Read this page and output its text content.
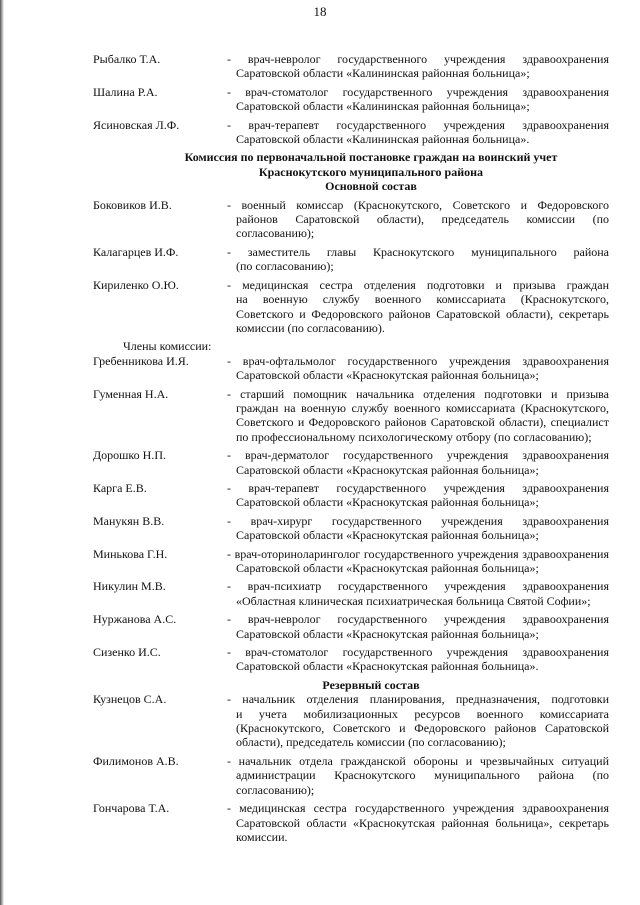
18
Рыбалко Т.А.	- врач-невролог государственного учреждения здравоохранения
Саратовской области «Калининская районная больница»;
Шалина Р.А.	- врач-стоматолог государственного учреждения здравоохранения
Саратовской области «Калининская районная больница»;
Ясиновская Л.Ф.	- врач-терапевт государственного учреждения здравоохранения
Саратовской области «Калининская районная больница».
Комиссия по первоначальной постановке граждан на воинский учет
Краснокутского муниципального района
Основной состав
Боковиков И.В.	- военный комиссар (Краснокутского, Советского и Федоровского
районов Саратовской области), председатель комиссии (по согласованию);
Калагарцев И.Ф.	- заместитель главы Краснокутского муниципального района
(по согласованию);
Кириленко О.Ю.	- медицинская сестра отделения подготовки и призыва граждан
на военную службу военного комиссариата (Краснокутского, Советского и Федоровского районов Саратовской области), секретарь комиссии (по согласованию).
Члены комиссии:
Гребенникова И.Я.	- врач-офтальмолог государственного учреждения здравоохранения
Саратовской области «Краснокутская районная больница»;
Гуменная Н.А.	- старший помощник начальника отделения подготовки и призыва
граждан на военную службу военного комиссариата (Краснокутского, Советского и Федоровского районов Саратовской области), специалист по профессиональному психологическому отбору (по согласованию);
Дорошко Н.П.	- врач-дерматолог государственного учреждения здравоохранения
Саратовской области «Краснокутская районная больница»;
Карга Е.В.	- врач-терапевт государственного учреждения здравоохранения
Саратовской области «Краснокутская районная больница»;
Манукян В.В.	- врач-хирург государственного учреждения здравоохранения
Саратовской области «Краснокутская районная больница»;
Минькова Г.Н.	- врач-оториноларинголог государственного учреждения здравоохранения
Саратовской области «Краснокутская районная больница»;
Никулин М.В.	- врач-психиатр государственного учреждения здравоохранения
«Областная клиническая психиатрическая больница Святой Софии»;
Нуржанова А.С.	- врач-невролог государственного учреждения здравоохранения
Саратовской области «Краснокутская районная больница»;
Сизенко И.С.	- врач-стоматолог государственного учреждения здравоохранения
Саратовской области «Краснокутская районная больница».
Резервный состав
Кузнецов С.А.	- начальник отделения планирования, предназначения, подготовки
и учета мобилизационных ресурсов военного комиссариата (Краснокутского, Советского и Федоровского районов Саратовской области), председатель комиссии (по согласованию);
Филимонов А.В.	- начальник отдела гражданской обороны и чрезвычайных ситуаций
администрации Краснокутского муниципального района (по согласованию);
Гончарова Т.А.	- медицинская сестра государственного учреждения здравоохранения
Саратовской области «Краснокутская районная больница», секретарь комиссии.
